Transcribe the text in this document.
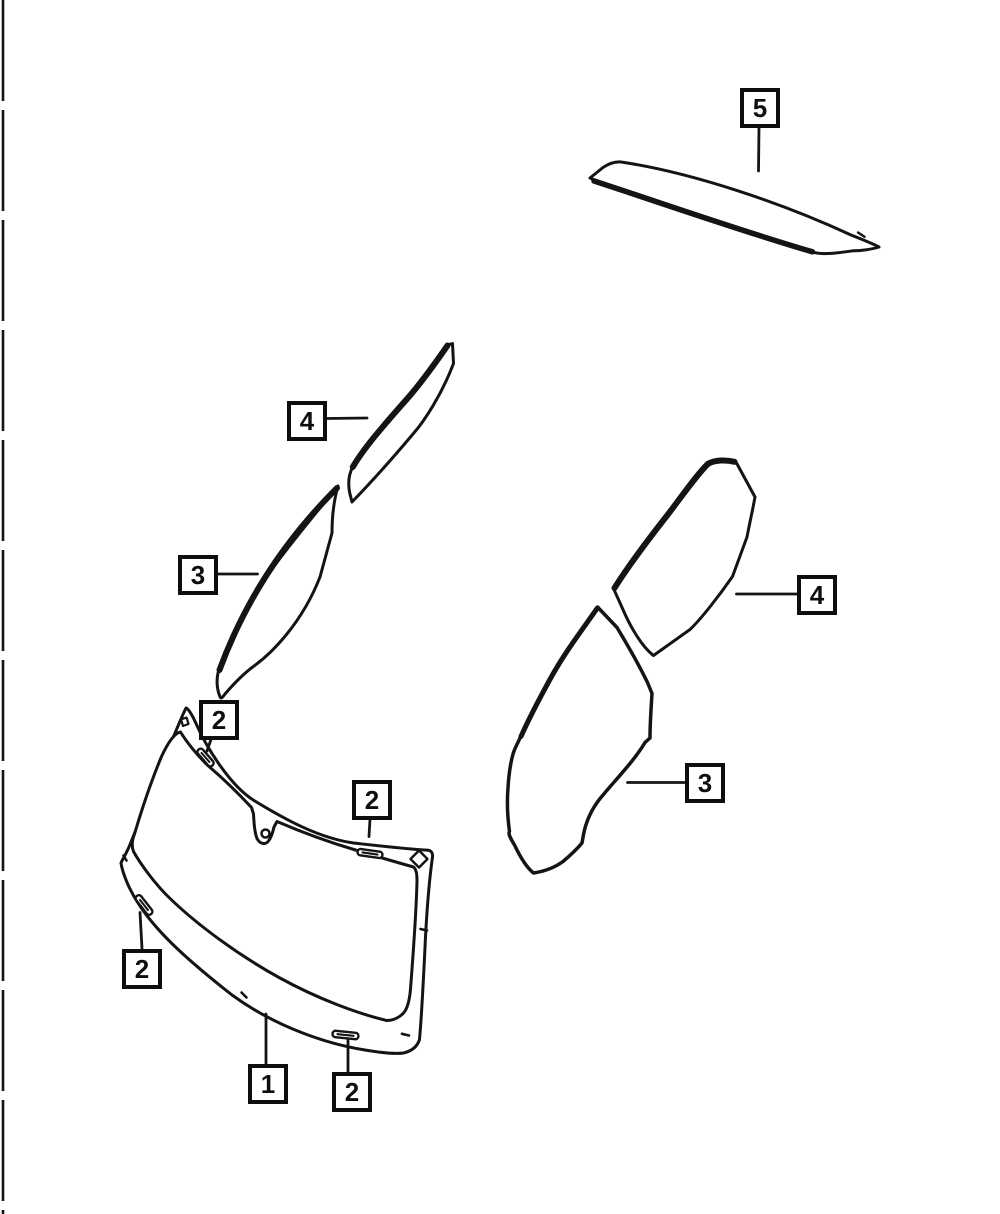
5
4
3
2
2
2
1	2
3
4
